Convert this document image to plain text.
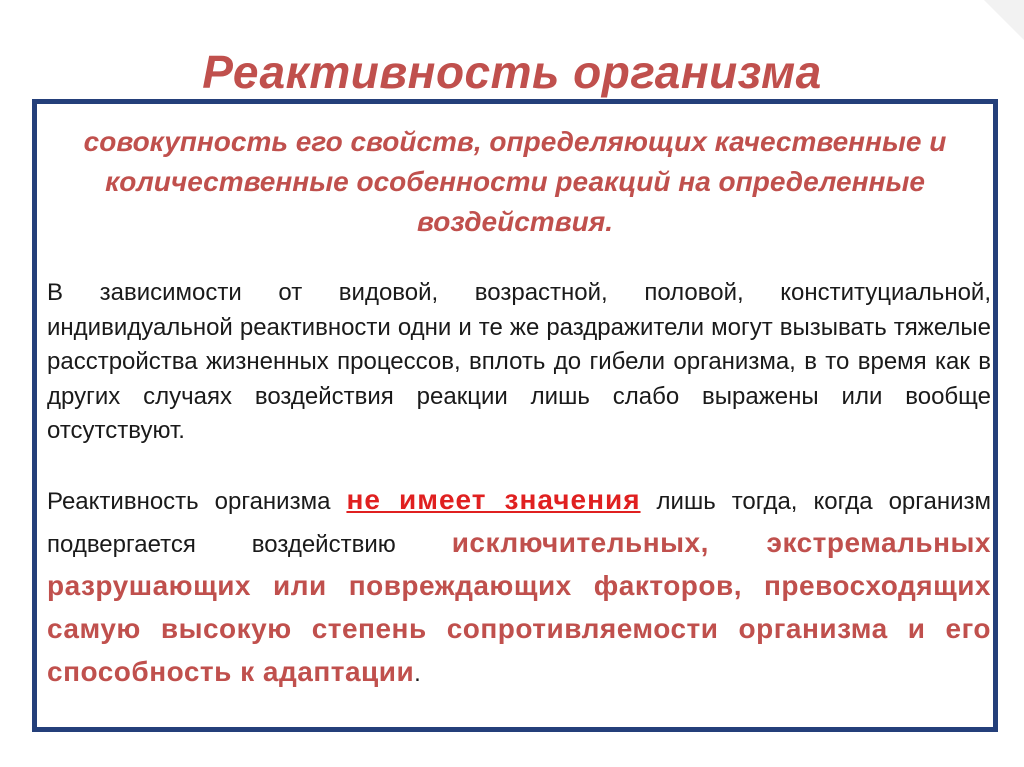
Реактивность организма

совокупность его свойств, определяющих качественные и количественные особенности реакций на определенные воздействия.

В зависимости от видовой, возрастной, половой, конституциальной, индивидуальной реактивности одни и те же раздражители могут вызывать тяжелые расстройства жизненных процессов, вплоть до гибели организма, в то время как в других случаях воздействия реакции лишь слабо выражены или вообще отсутствуют.

Реактивность организма не имеет значения лишь тогда, когда организм подвергается воздействию исключительных, экстремальных разрушающих или повреждающих факторов, превосходящих самую высокую степень сопротивляемости организма и его способность к адаптации.
